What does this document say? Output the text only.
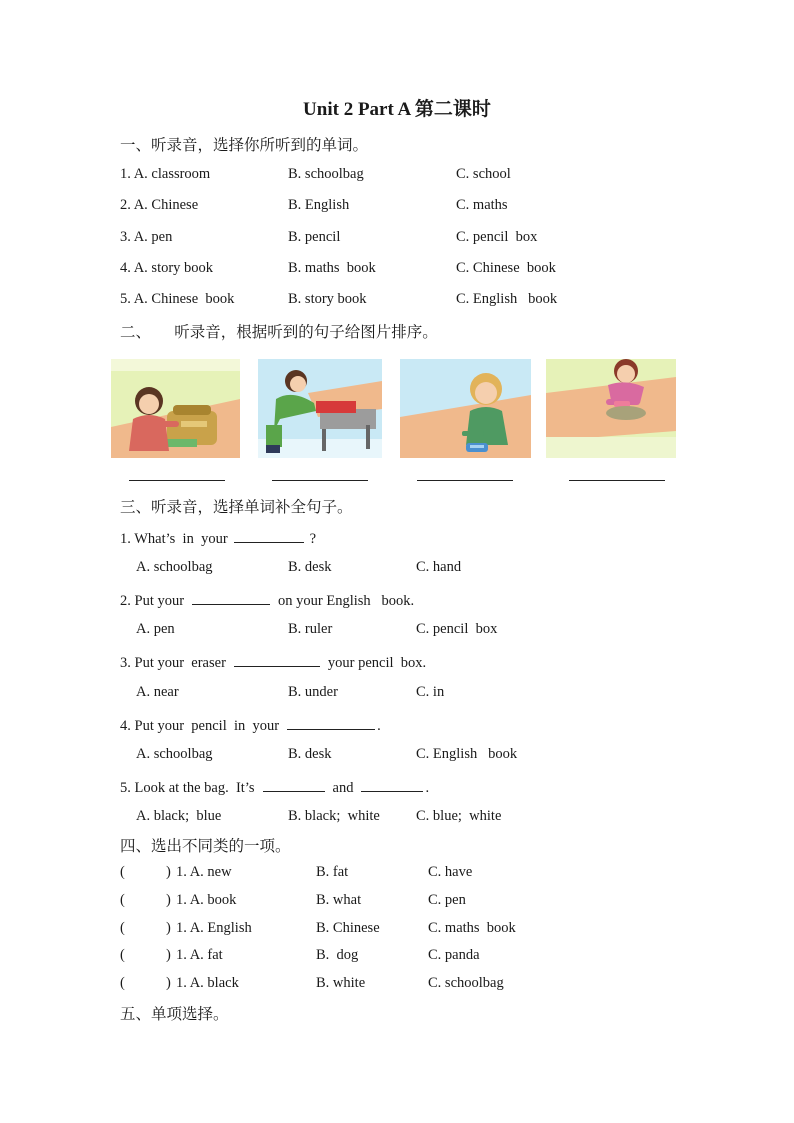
Unit 2 Part A 第二课时
一、听录音，选择你所听到的单词。
1. A. classroom	B. schoolbag	C. school
2. A. Chinese	B. English	C. maths
3. A. pen	B. pencil	C. pencil  box
4. A. story book	B. maths  book	C. Chinese  book
5. A. Chinese  book	B. story book	C. English   book
二、      听录音，根据听到的句子给图片排序。
三、听录音，选择单词补全句子。
1. What’s  in  your	?
A. schoolbag	B. desk	C. hand
2. Put your	on your English   book.
A. pen	B. ruler	C. pencil  box
3. Put your  eraser	your pencil  box.
A. near	B. under	C. in
4. Put your  pencil  in  your	.
A. schoolbag	B. desk	C. English   book
5. Look at the bag.  It’s	and	.
A. black;  blue	B. black;  white C. blue;  white
四、选出不同类的一项。
(	) 1. A. new	B. fat	C. have
(	) 1. A. book	B. what	C. pen
(	) 1. A. English	B. Chinese	C. maths  book
(	) 1. A. fat	B.  dog	C. panda
(	) 1. A. black	B. white	C. schoolbag
五、单项选择。
